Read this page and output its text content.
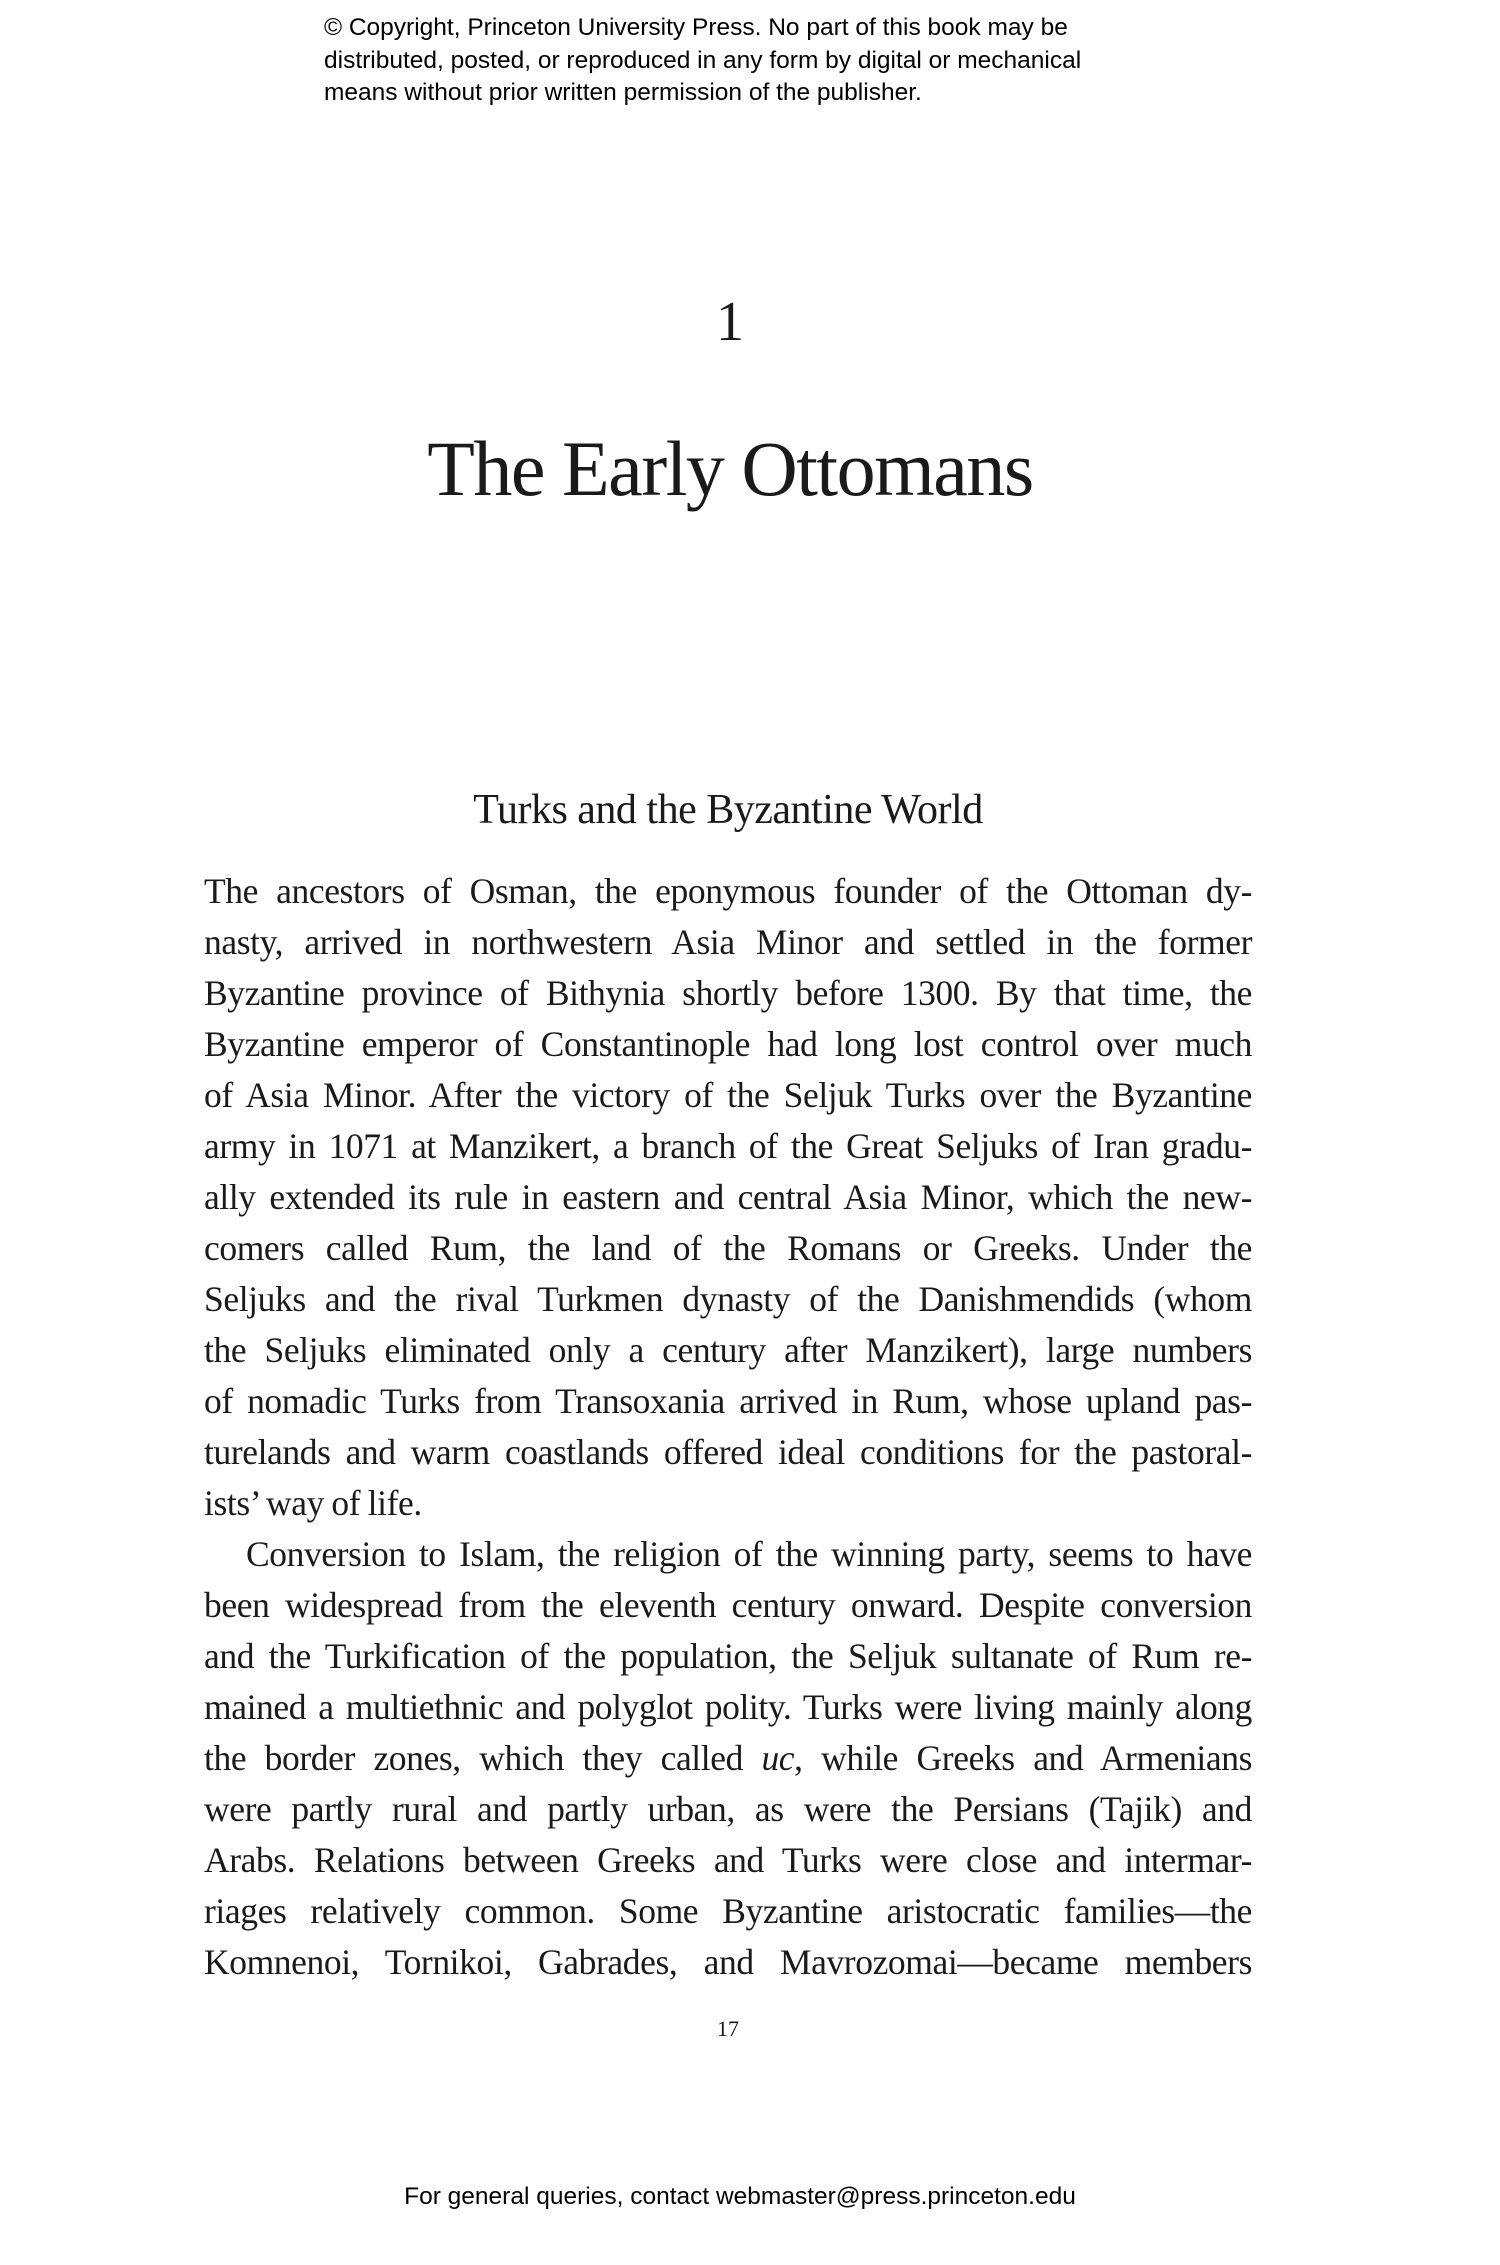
© Copyright, Princeton University Press. No part of this book may be
distributed, posted, or reproduced in any form by digital or mechanical
means without prior written permission of the publisher.
1
The Early Ottomans
Turks and the Byzantine World
The ancestors of Osman, the eponymous founder of the Ottoman dy-
nasty, arrived in northwestern Asia Minor and settled in the former
Byzantine province of Bithynia shortly before 1300. By that time, the
Byzantine emperor of Constantinople had long lost control over much
of Asia Minor. After the victory of the Seljuk Turks over the Byzantine
army in 1071 at Manzikert, a branch of the Great Seljuks of Iran gradu-
ally extended its rule in eastern and central Asia Minor, which the new-
comers called Rum, the land of the Romans or Greeks. Under the
Seljuks and the rival Turkmen dynasty of the Danishmendids (whom
the Seljuks eliminated only a century after Manzikert), large numbers
of nomadic Turks from Transoxania arrived in Rum, whose upland pas-
turelands and warm coastlands offered ideal conditions for the pastoral-
ists’ way of life.
Conversion to Islam, the religion of the winning party, seems to have
been widespread from the eleventh century onward. Despite conversion
and the Turkification of the population, the Seljuk sultanate of Rum re-
mained a multiethnic and polyglot polity. Turks were living mainly along
the border zones, which they called uc, while Greeks and Armenians
were partly rural and partly urban, as were the Persians (Tajik) and
Arabs. Relations between Greeks and Turks were close and intermar-
riages relatively common. Some Byzantine aristocratic families—the
Komnenoi, Tornikoi, Gabrades, and Mavrozomai—became members
17
For general queries, contact webmaster@press.princeton.edu
